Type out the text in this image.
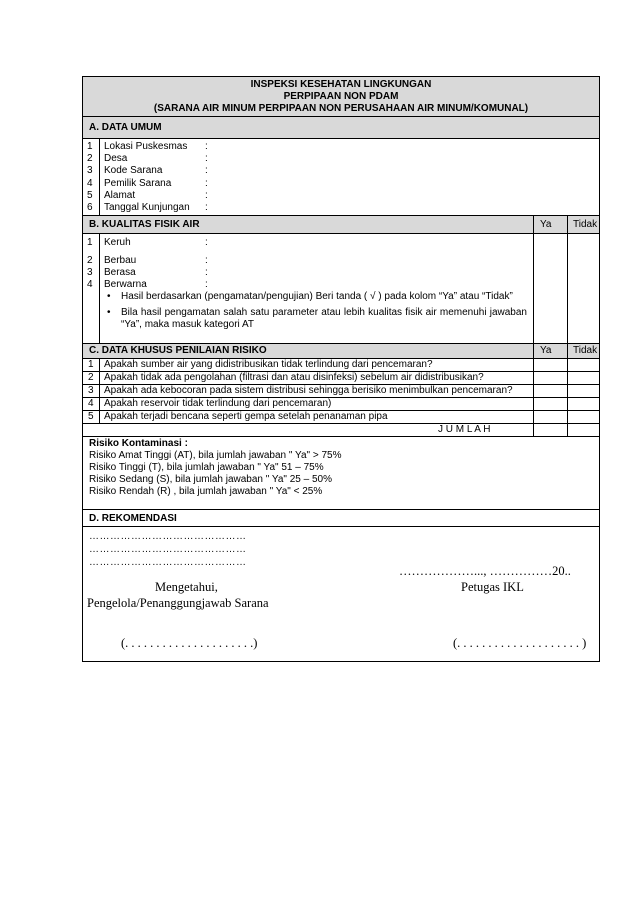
INSPEKSI KESEHATAN LINGKUNGAN
PERPIPAAN NON PDAM
(SARANA AIR MINUM PERPIPAAN NON PERUSAHAAN AIR MINUM/KOMUNAL)
A. DATA UMUM
1 Lokasi Puskesmas :
2 Desa	:
3 Kode Sarana	:
4 Pemilik Sarana	:
5 Alamat	:
6 Tanggal Kunjungan :
B. KUALITAS FISIK AIR	Ya Tidak
1 Keruh	:
2 Berbau	:
3 Berasa	:
4 Berwarna	:
• Hasil berdasarkan (pengamatan/pengujian) Beri tanda ( √ ) pada kolom “Ya” atau “Tidak”
• Bila hasil pengamatan salah satu parameter atau lebih kualitas fisik air memenuhi jawaban “Ya”, maka masuk kategori AT
C. DATA KHUSUS PENILAIAN RISIKO	Ya Tidak
1 Apakah sumber air yang didistribusikan tidak terlindung dari pencemaran?
2 Apakah tidak ada pengolahan (filtrasi dan atau disinfeksi) sebelum air didistribusikan?
3 Apakah ada kebocoran pada sistem distribusi sehingga berisiko menimbulkan pencemaran?
4 Apakah reservoir tidak terlindung dari pencemaran)
5 Apakah terjadi bencana seperti gempa setelah penanaman pipa
J U M L A H
Risiko Kontaminasi :
Risiko Amat Tinggi (AT), bila jumlah jawaban " Ya" > 75%
Risiko Tinggi (T), bila jumlah jawaban " Ya" 51 – 75%
Risiko Sedang (S), bila jumlah jawaban " Ya" 25 – 50%
Risiko Rendah (R) , bila jumlah jawaban " Ya" < 25%
D. REKOMENDASI
………………………………………
………………………………………
………………………………………
………………..., ……………20..
Mengetahui,	Petugas IKL
Pengelola/Penanggungjawab Sarana
(. . . . . . . . . . . . . . . . . . . . .)	(. . . . . . . . . . . . . . . . . . . . )
